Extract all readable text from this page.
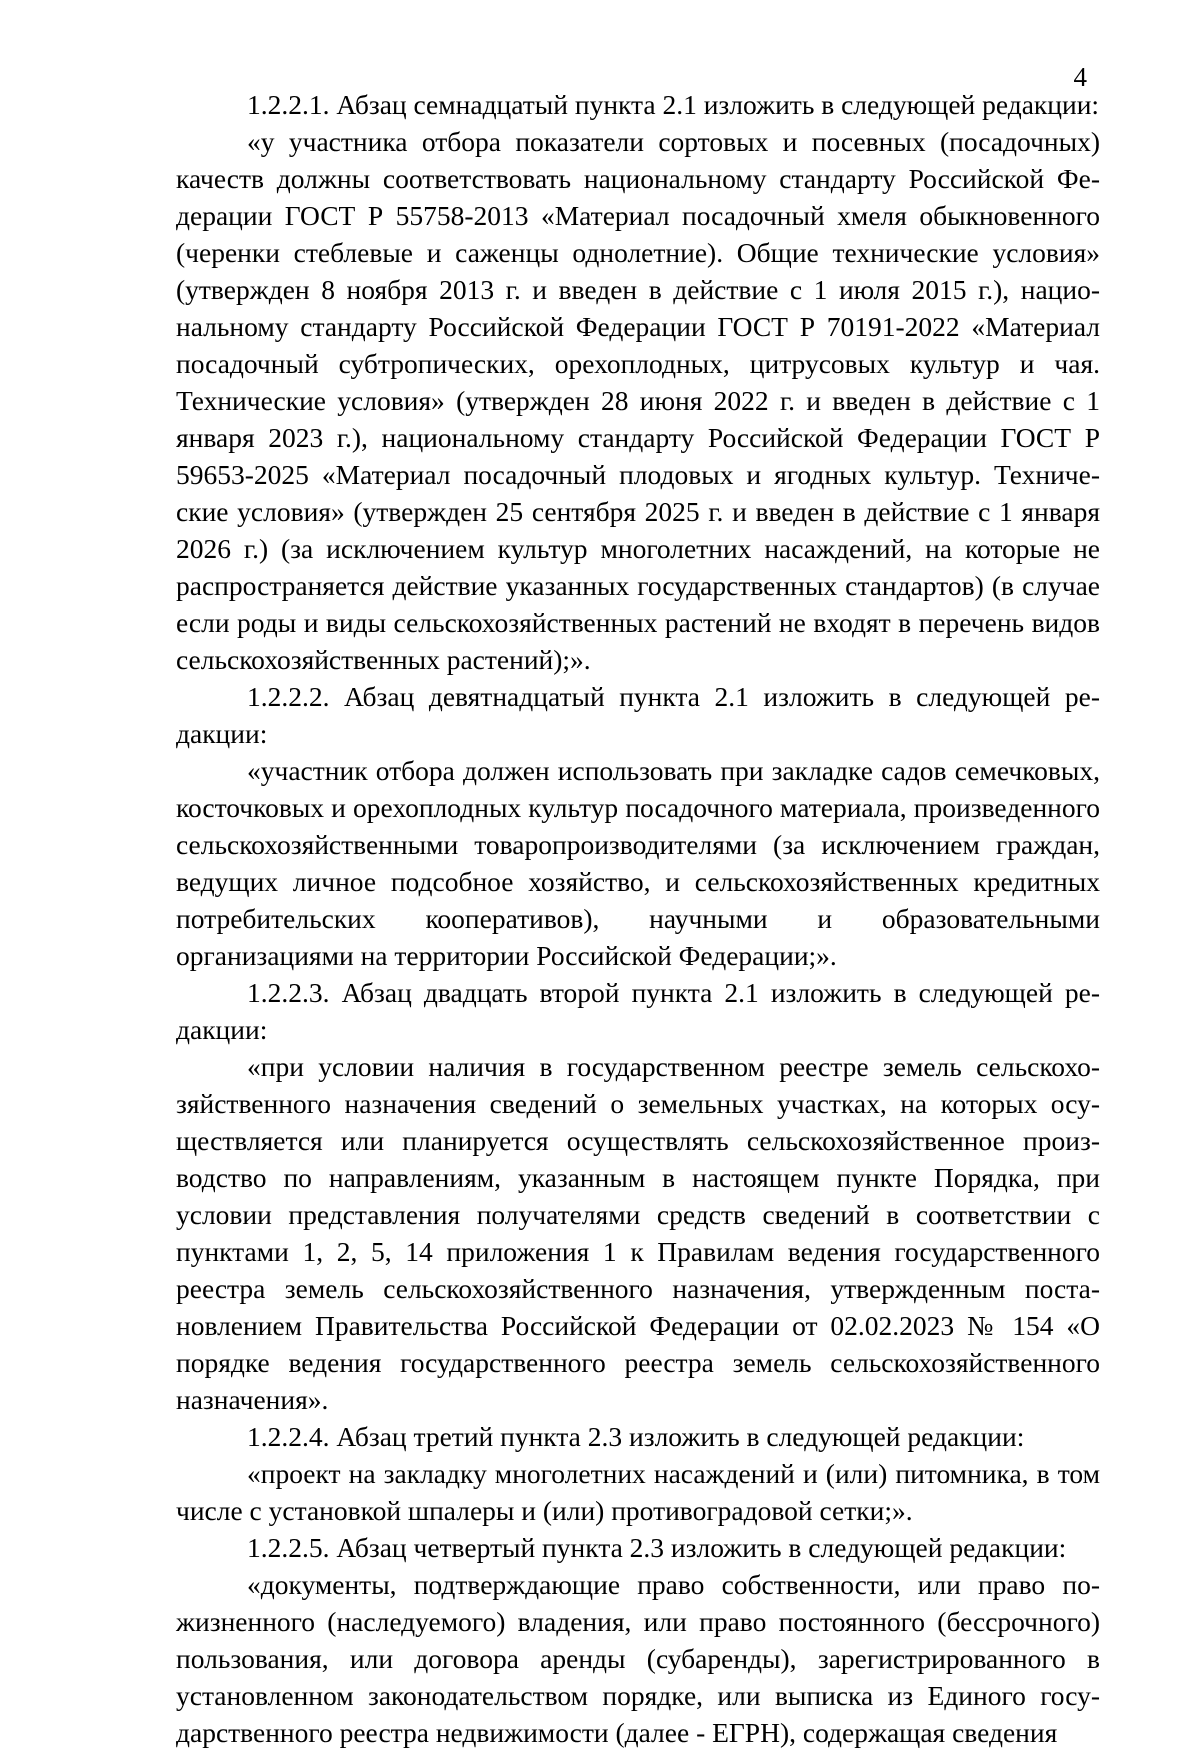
4

1.2.2.1. Абзац семнадцатый пункта 2.1 изложить в следующей редакции:

«у участника отбора показатели сортовых и посевных (посадочных) качеств должны соответствовать национальному стандарту Российской Федерации ГОСТ Р 55758-2013 «Материал посадочный хмеля обыкновенного (черенки стеблевые и саженцы однолетние). Общие технические условия» (утвержден 8 ноября 2013 г. и введен в действие с 1 июля 2015 г.), национальному стандарту Российской Федерации ГОСТ Р 70191-2022 «Материал посадочный субтропических, орехоплодных, цитрусовых культур и чая. Технические условия» (утвержден 28 июня 2022 г. и введен в действие с 1 января 2023 г.), национальному стандарту Российской Федерации ГОСТ Р 59653-2025 «Материал посадочный плодовых и ягодных культур. Технические условия» (утвержден 25 сентября 2025 г. и введен в действие с 1 января 2026 г.) (за исключением культур многолетних насаждений, на которые не распространяется действие указанных государственных стандартов) (в случае если роды и виды сельскохозяйственных растений не входят в перечень видов сельскохозяйственных растений);».

1.2.2.2. Абзац девятнадцатый пункта 2.1 изложить в следующей редакции:

«участник отбора должен использовать при закладке садов семечковых, косточковых и орехоплодных культур посадочного материала, произведенного сельскохозяйственными товаропроизводителями (за исключением граждан, ведущих личное подсобное хозяйство, и сельскохозяйственных кредитных потребительских кооперативов), научными и образовательными организациями на территории Российской Федерации;».

1.2.2.3. Абзац двадцать второй пункта 2.1 изложить в следующей редакции:

«при условии наличия в государственном реестре земель сельскохозяйственного назначения сведений о земельных участках, на которых осуществляется или планируется осуществлять сельскохозяйственное производство по направлениям, указанным в настоящем пункте Порядка, при условии представления получателями средств сведений в соответствии с пунктами 1, 2, 5, 14 приложения 1 к Правилам ведения государственного реестра земель сельскохозяйственного назначения, утвержденным постановлением Правительства Российской Федерации от 02.02.2023 № 154 «О порядке ведения государственного реестра земель сельскохозяйственного назначения».

1.2.2.4. Абзац третий пункта 2.3 изложить в следующей редакции:

«проект на закладку многолетних насаждений и (или) питомника, в том числе с установкой шпалеры и (или) противоградовой сетки;».

1.2.2.5. Абзац четвертый пункта 2.3 изложить в следующей редакции:

«документы, подтверждающие право собственности, или право пожизненного (наследуемого) владения, или право постоянного (бессрочного) пользования, или договора аренды (субаренды), зарегистрированного в установленном законодательством порядке, или выписка из Единого государственного реестра недвижимости (далее - ЕГРН), содержащая сведения
